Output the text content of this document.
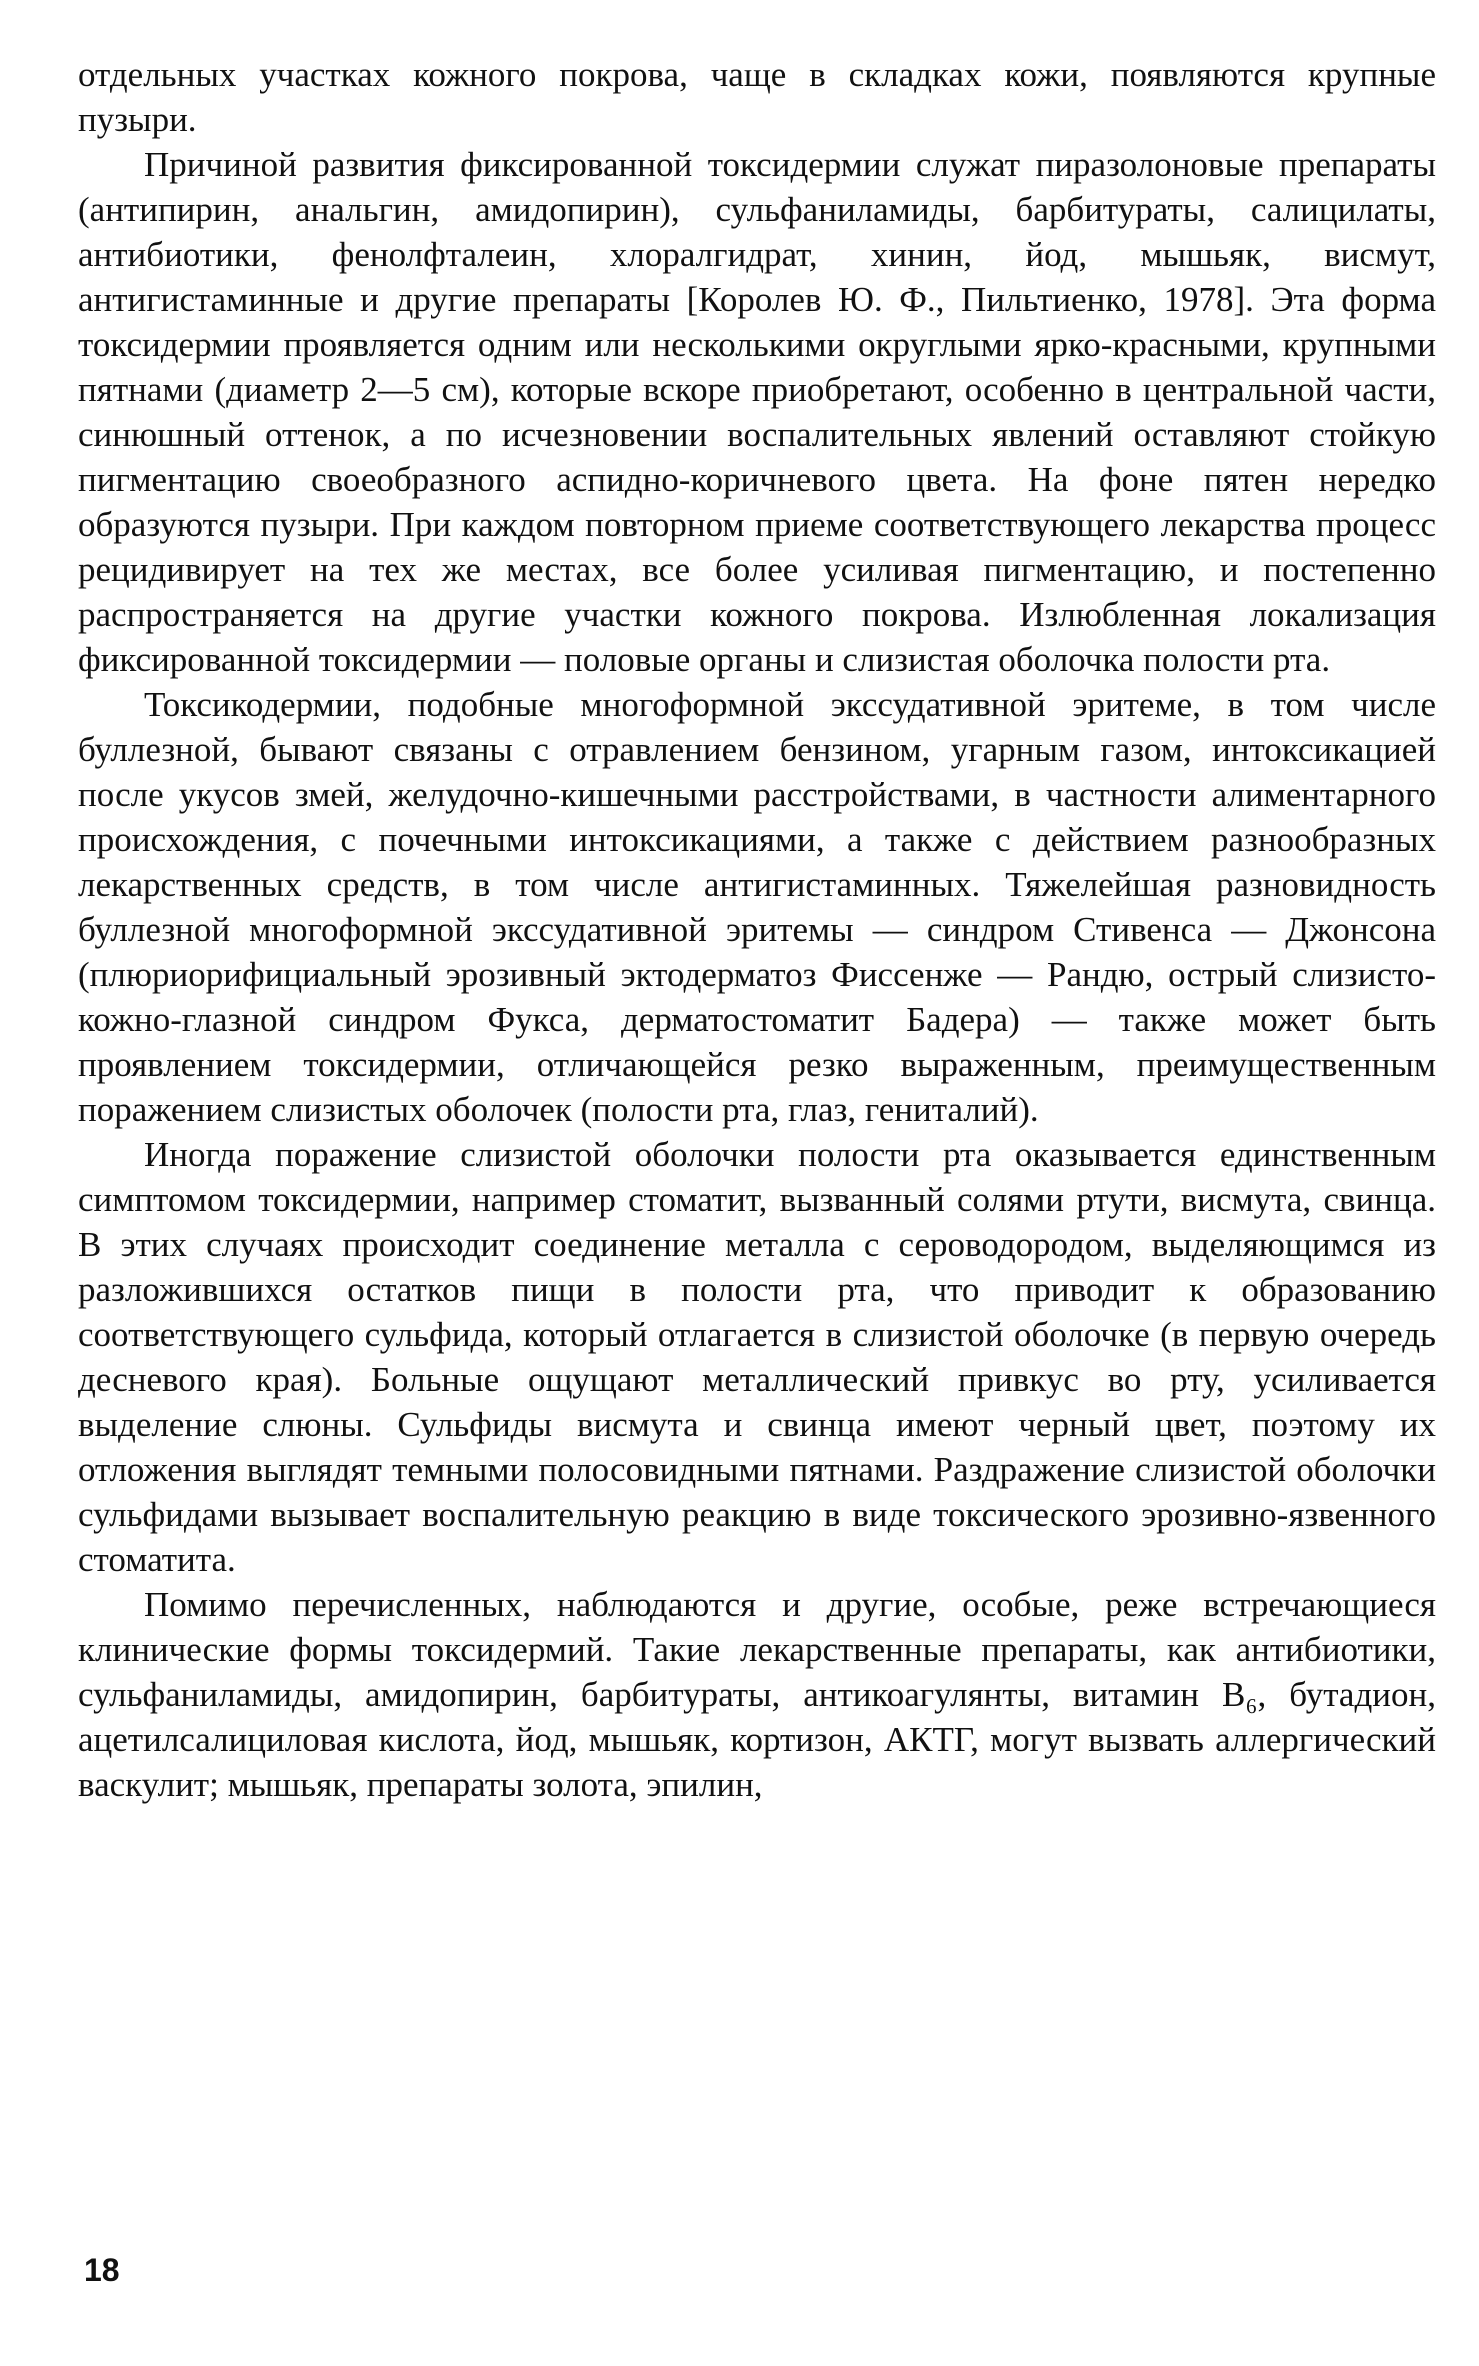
отдельных участках кожного покрова, чаще в складках кожи, появляются крупные пузыри.

Причиной развития фиксированной токсидермии служат пиразолоновые препараты (антипирин, анальгин, амидопирин), сульфаниламиды, барбитураты, салицилаты, антибиотики, фенолфталеин, хлоралгидрат, хинин, йод, мышьяк, висмут, антигистаминные и другие препараты [Королев Ю. Ф., Пильтиенко, 1978]. Эта форма токсидермии проявляется одним или несколькими округлыми ярко-красными, крупными пятнами (диаметр 2—5 см), которые вскоре приобретают, особенно в центральной части, синюшный оттенок, а по исчезновении воспалительных явлений оставляют стойкую пигментацию своеобразного аспидно-коричневого цвета. На фоне пятен нередко образуются пузыри. При каждом повторном приеме соответствующего лекарства процесс рецидивирует на тех же местах, все более усиливая пигментацию, и постепенно распространяется на другие участки кожного покрова. Излюбленная локализация фиксированной токсидермии — половые органы и слизистая оболочка полости рта.

Токсикодермии, подобные многоформной экссудативной эритеме, в том числе буллезной, бывают связаны с отравлением бензином, угарным газом, интоксикацией после укусов змей, желудочно-кишечными расстройствами, в частности алиментарного происхождения, с почечными интоксикациями, а также с действием разнообразных лекарственных средств, в том числе антигистаминных. Тяжелейшая разновидность буллезной многоформной экссудативной эритемы — синдром Стивенса — Джонсона (плюриорифициальный эрозивный эктодерматоз Фиссенже — Рандю, острый слизисто-кожно-глазной синдром Фукса, дерматостоматит Бадера) — также может быть проявлением токсидермии, отличающейся резко выраженным, преимущественным поражением слизистых оболочек (полости рта, глаз, гениталий).

Иногда поражение слизистой оболочки полости рта оказывается единственным симптомом токсидермии, например стоматит, вызванный солями ртути, висмута, свинца. В этих случаях происходит соединение металла с сероводородом, выделяющимся из разложившихся остатков пищи в полости рта, что приводит к образованию соответствующего сульфида, который отлагается в слизистой оболочке (в первую очередь десневого края). Больные ощущают металлический привкус во рту, усиливается выделение слюны. Сульфиды висмута и свинца имеют черный цвет, поэтому их отложения выглядят темными полосовидными пятнами. Раздражение слизистой оболочки сульфидами вызывает воспалительную реакцию в виде токсического эрозивно-язвенного стоматита.

Помимо перечисленных, наблюдаются и другие, особые, реже встречающиеся клинические формы токсидермий. Такие лекарственные препараты, как антибиотики, сульфаниламиды, амидопирин, барбитураты, антикоагулянты, витамин B₆, бутадион, ацетилсалициловая кислота, йод, мышьяк, кортизон, АКТГ, могут вызвать аллергический васкулит; мышьяк, препараты золота, эпилин,

18
